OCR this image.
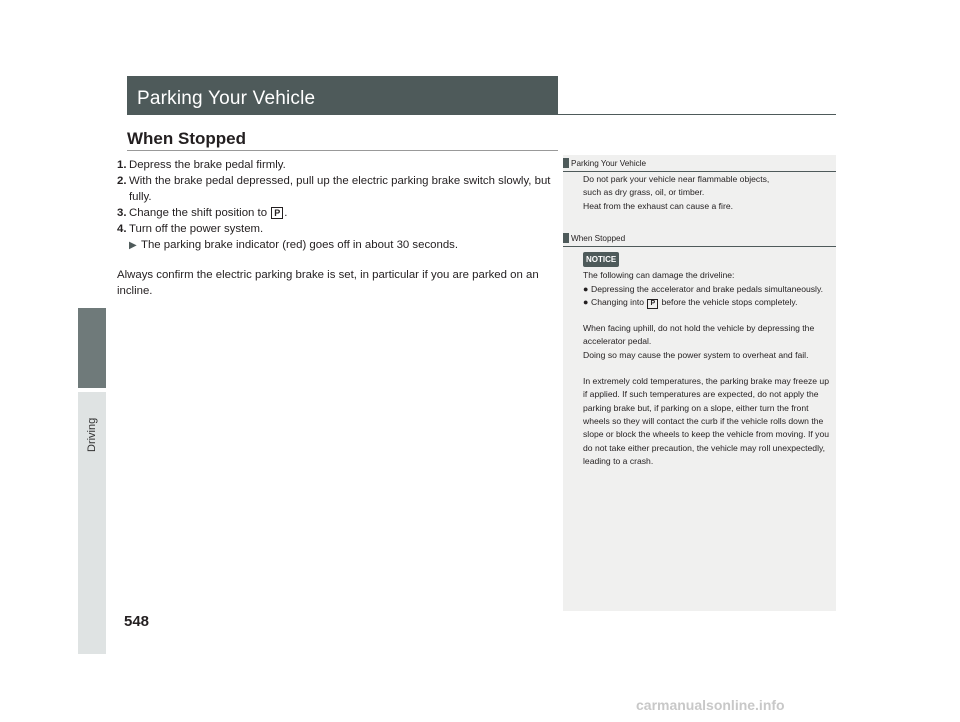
Driving
548
Parking Your Vehicle
When Stopped
1. Depress the brake pedal firmly.
2. With the brake pedal depressed, pull up the electric parking brake switch slowly, but fully.
3. Change the shift position to P .
4. Turn off the power system.
▶ The parking brake indicator (red) goes off in about 30 seconds.
Always confirm the electric parking brake is set, in particular if you are parked on an incline.
Parking Your Vehicle
Do not park your vehicle near flammable objects,
such as dry grass, oil, or timber.
Heat from the exhaust can cause a fire.
When Stopped
NOTICE
The following can damage the driveline:
● Depressing the accelerator and brake pedals simultaneously.
● Changing into P before the vehicle stops completely.
When facing uphill, do not hold the vehicle by depressing the accelerator pedal.
Doing so may cause the power system to overheat and fail.
In extremely cold temperatures, the parking brake may freeze up if applied. If such temperatures are expected, do not apply the parking brake but, if parking on a slope, either turn the front wheels so they will contact the curb if the vehicle rolls down the slope or block the wheels to keep the vehicle from moving. If you do not take either precaution, the vehicle may roll unexpectedly, leading to a crash.
carmanualsonline.info
